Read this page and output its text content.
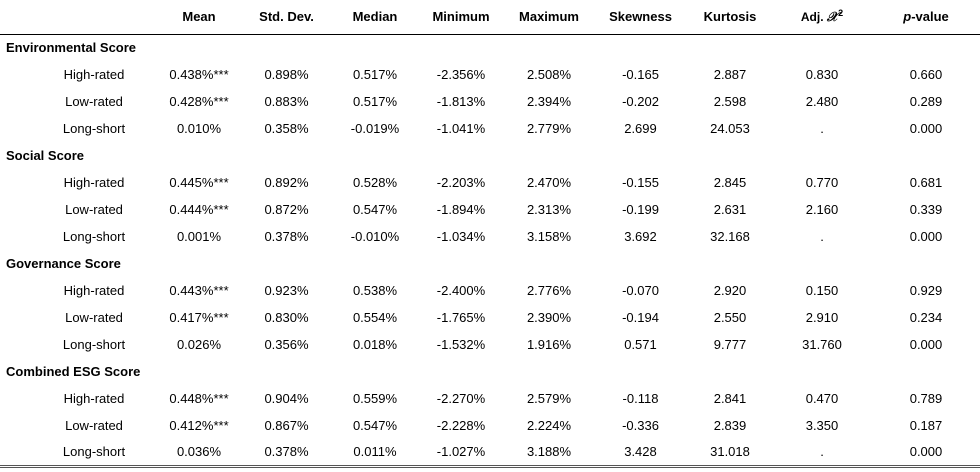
	Mean	Std. Dev.	Median	Minimum	Maximum	Skewness	Kurtosis	Adj. 𝒳$^2$	p-value
Environmental Score									
High-rated	0.438%***	0.898%	0.517%	-2.356%	2.508%	-0.165	2.887	0.830	0.660
Low-rated	0.428%***	0.883%	0.517%	-1.813%	2.394%	-0.202	2.598	2.480	0.289
Long-short	0.010%	0.358%	-0.019%	-1.041%	2.779%	2.699	24.053	.	0.000
Social Score									
High-rated	0.445%***	0.892%	0.528%	-2.203%	2.470%	-0.155	2.845	0.770	0.681
Low-rated	0.444%***	0.872%	0.547%	-1.894%	2.313%	-0.199	2.631	2.160	0.339
Long-short	0.001%	0.378%	-0.010%	-1.034%	3.158%	3.692	32.168	.	0.000
Governance Score									
High-rated	0.443%***	0.923%	0.538%	-2.400%	2.776%	-0.070	2.920	0.150	0.929
Low-rated	0.417%***	0.830%	0.554%	-1.765%	2.390%	-0.194	2.550	2.910	0.234
Long-short	0.026%	0.356%	0.018%	-1.532%	1.916%	0.571	9.777	31.760	0.000
Combined ESG Score									
High-rated	0.448%***	0.904%	0.559%	-2.270%	2.579%	-0.118	2.841	0.470	0.789
Low-rated	0.412%***	0.867%	0.547%	-2.228%	2.224%	-0.336	2.839	3.350	0.187
Long-short	0.036%	0.378%	0.011%	-1.027%	3.188%	3.428	31.018	.	0.000
